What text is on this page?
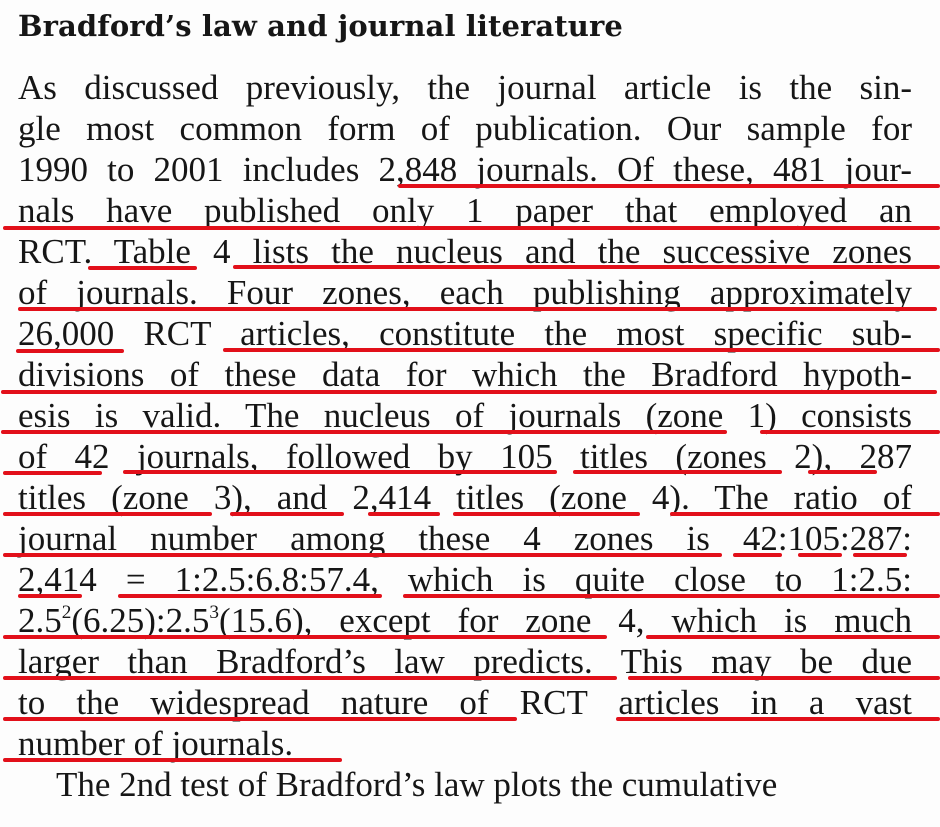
Bradford’s law and journal literature
As discussed previously, the journal article is the sin-
gle most common form of publication. Our sample for
1990 to 2001 includes 2,848 journals. Of these, 481 jour-
nals have published only 1 paper that employed an
RCT. Table 4 lists the nucleus and the successive zones
of journals. Four zones, each publishing approximately
26,000 RCT articles, constitute the most specific sub-
divisions of these data for which the Bradford hypoth-
esis is valid. The nucleus of journals (zone 1) consists
of 42 journals, followed by 105 titles (zones 2), 287
titles (zone 3), and 2,414 titles (zone 4). The ratio of
journal number among these 4 zones is 42:105:287:
2,414 = 1:2.5:6.8:57.4, which is quite close to 1:2.5:
$2.5^2(6.25):2.5^3(15.6)$, except for zone 4, which is much
larger than Bradford’s law predicts. This may be due
to the widespread nature of RCT articles in a vast
number of journals.
The 2nd test of Bradford’s law plots the cumulative
